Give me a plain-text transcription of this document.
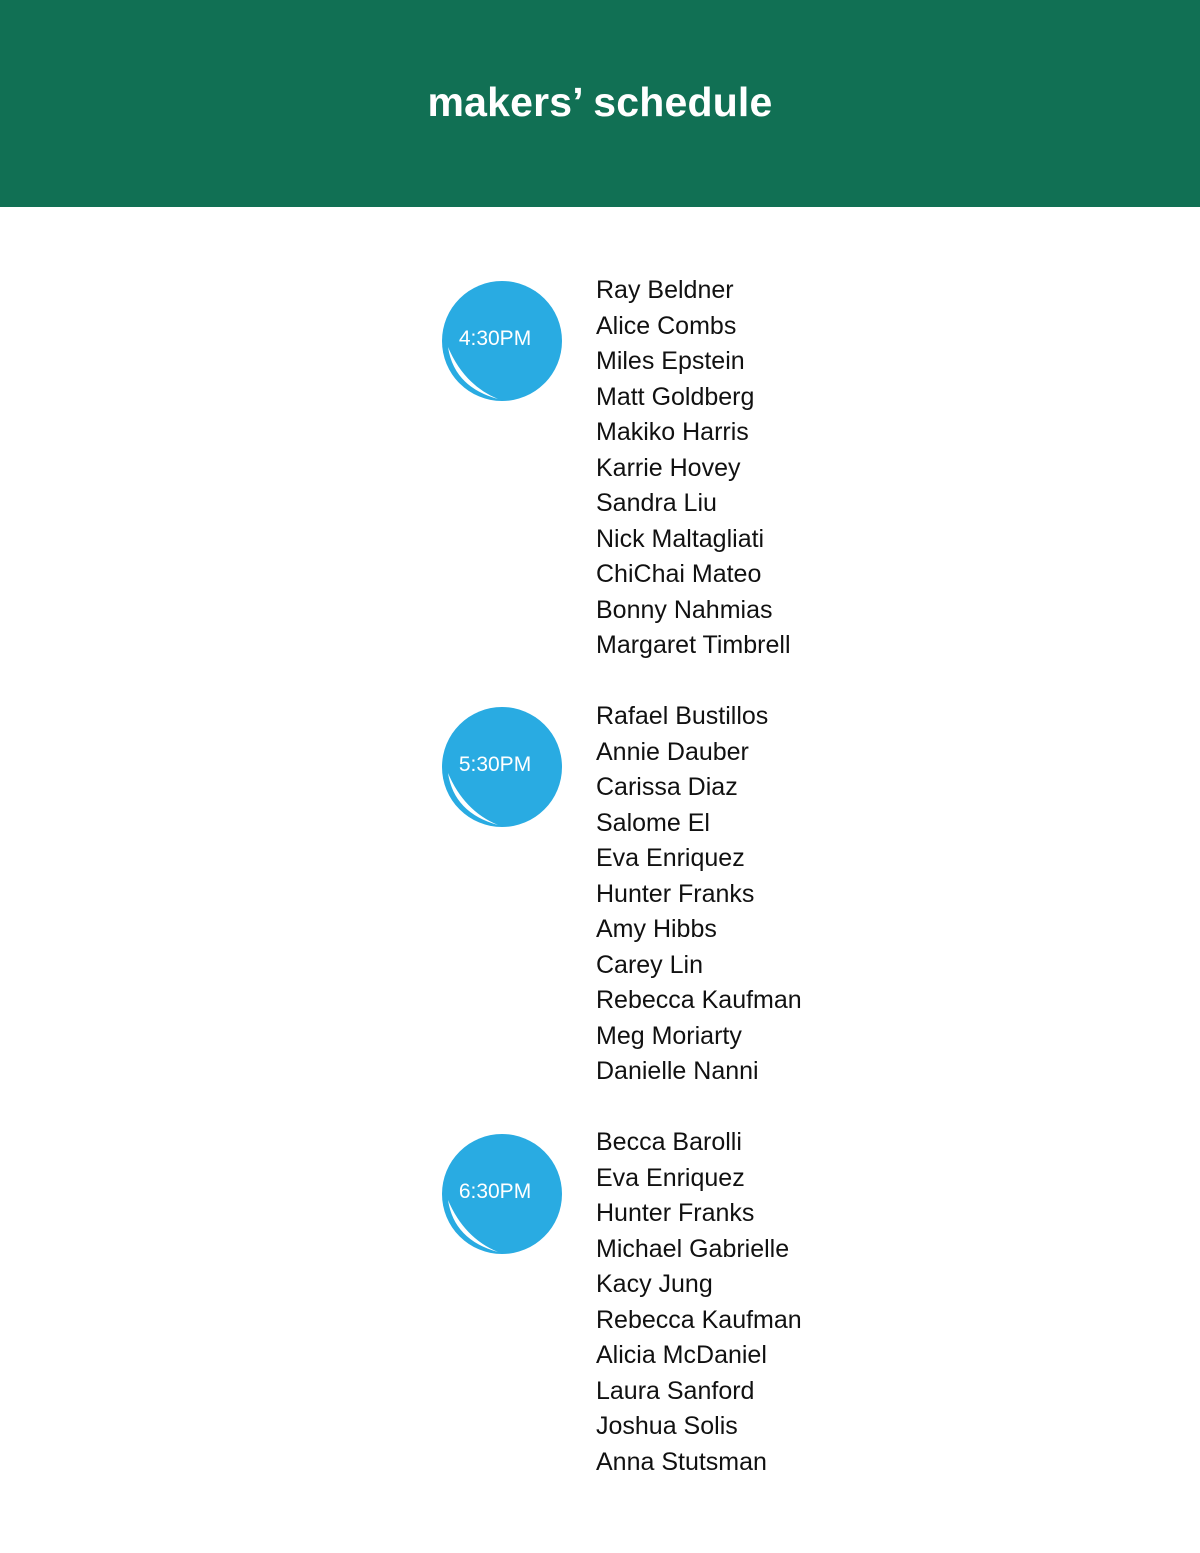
makers’ schedule
4:30PM
Ray Beldner
Alice Combs
Miles Epstein
Matt Goldberg
Makiko Harris
Karrie Hovey
Sandra Liu
Nick Maltagliati
ChiChai Mateo
Bonny Nahmias
Margaret Timbrell
5:30PM
Rafael Bustillos
Annie Dauber
Carissa Diaz
Salome El
Eva Enriquez
Hunter Franks
Amy Hibbs
Carey Lin
Rebecca Kaufman
Meg Moriarty
Danielle Nanni
6:30PM
Becca Barolli
Eva Enriquez
Hunter Franks
Michael Gabrielle
Kacy Jung
Rebecca Kaufman
Alicia McDaniel
Laura Sanford
Joshua Solis
Anna Stutsman
